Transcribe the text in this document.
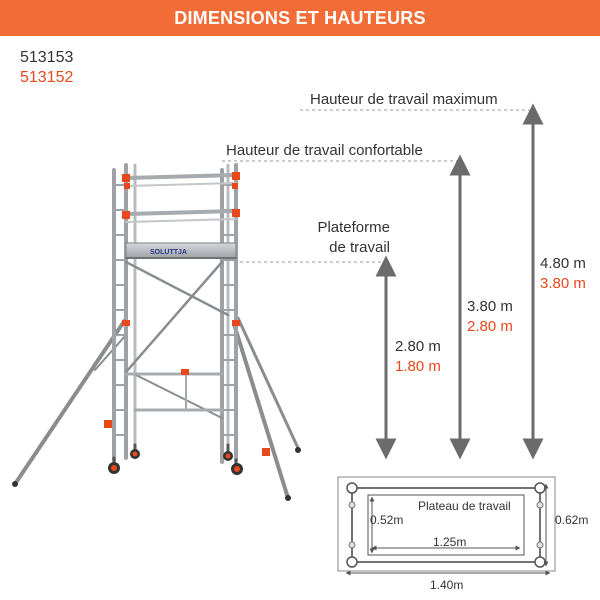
DIMENSIONS ET HAUTEURS
513153
513152
SOLUTTJA
Hauteur de travail maximum
Hauteur de travail confortable
Plateforme
de travail
2.80 m
1.80 m
3.80 m
2.80 m
4.80 m
3.80 m
Plateau de travail
0.52m
1.25m
0.62m
1.40m
